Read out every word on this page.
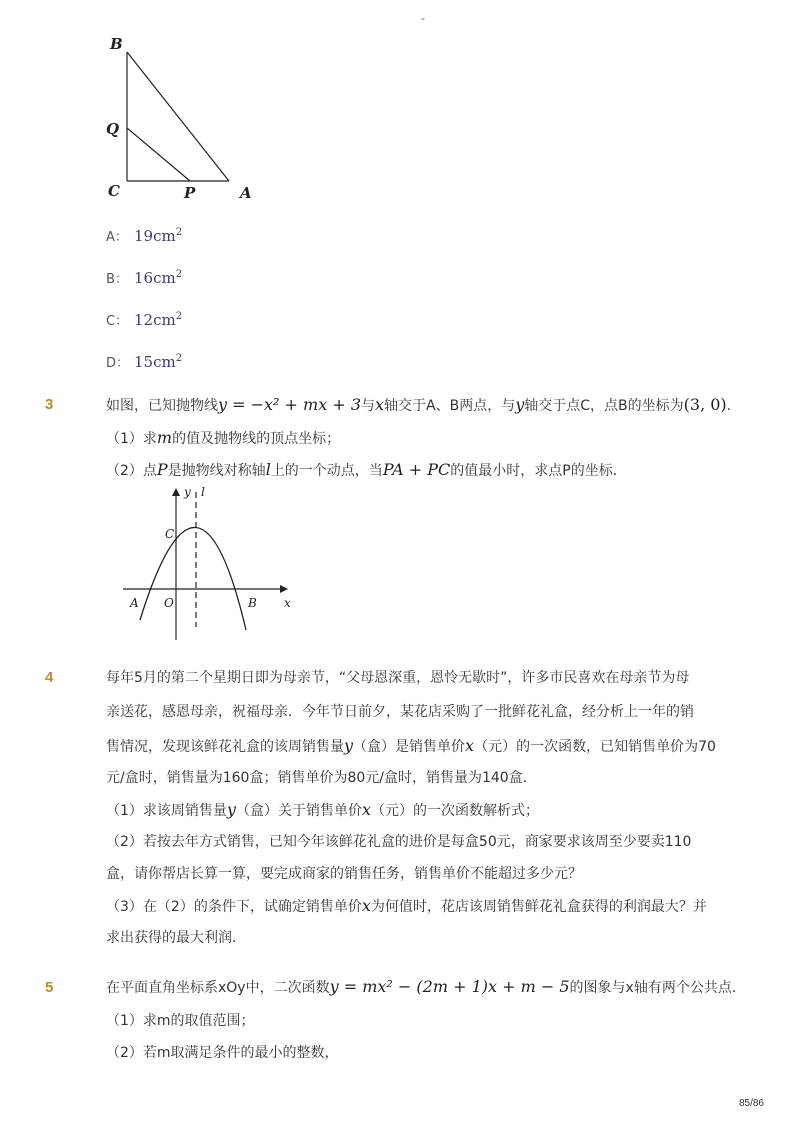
-
B
Q
C	P	A
A： $19cm^2$
B： $16cm^2$
C： $12cm^2$
D： $15cm^2$
3	如图，已知抛物线y = −x² + mx + 3与x轴交于A、B两点，与y轴交于点C，点B的坐标为(3, 0).
（1）求m的值及抛物线的顶点坐标；
（2）点P是抛物线对称轴l上的一个动点，当PA + PC的值最小时，求点P的坐标．
y l
C
A O	B x
4	每年5月的第二个星期日即为母亲节，“父母恩深重，恩怜无歇时”，许多市民喜欢在母亲节为母
亲送花，感恩母亲，祝福母亲．今年节日前夕，某花店采购了一批鲜花礼盒，经分析上一年的销
售情况，发现该鲜花礼盒的该周销售量y（盒）是销售单价x（元）的一次函数，已知销售单价为70
元/盒时，销售量为160盒；销售单价为80元/盒时，销售量为140盒．
（1）求该周销售量y（盒）关于销售单价x（元）的一次函数解析式；
（2）若按去年方式销售，已知今年该鲜花礼盒的进价是每盒50元，商家要求该周至少要卖110
盒，请你帮店长算一算，要完成商家的销售任务，销售单价不能超过多少元？
（3）在（2）的条件下，试确定销售单价x为何值时，花店该周销售鲜花礼盒获得的利润最大？并
求出获得的最大利润．
5	在平面直角坐标系xOy中，二次函数y = mx² − (2m + 1)x + m − 5的图象与x轴有两个公共点．
（1）求m的取值范围；
（2）若m取满足条件的最小的整数，
85/86
